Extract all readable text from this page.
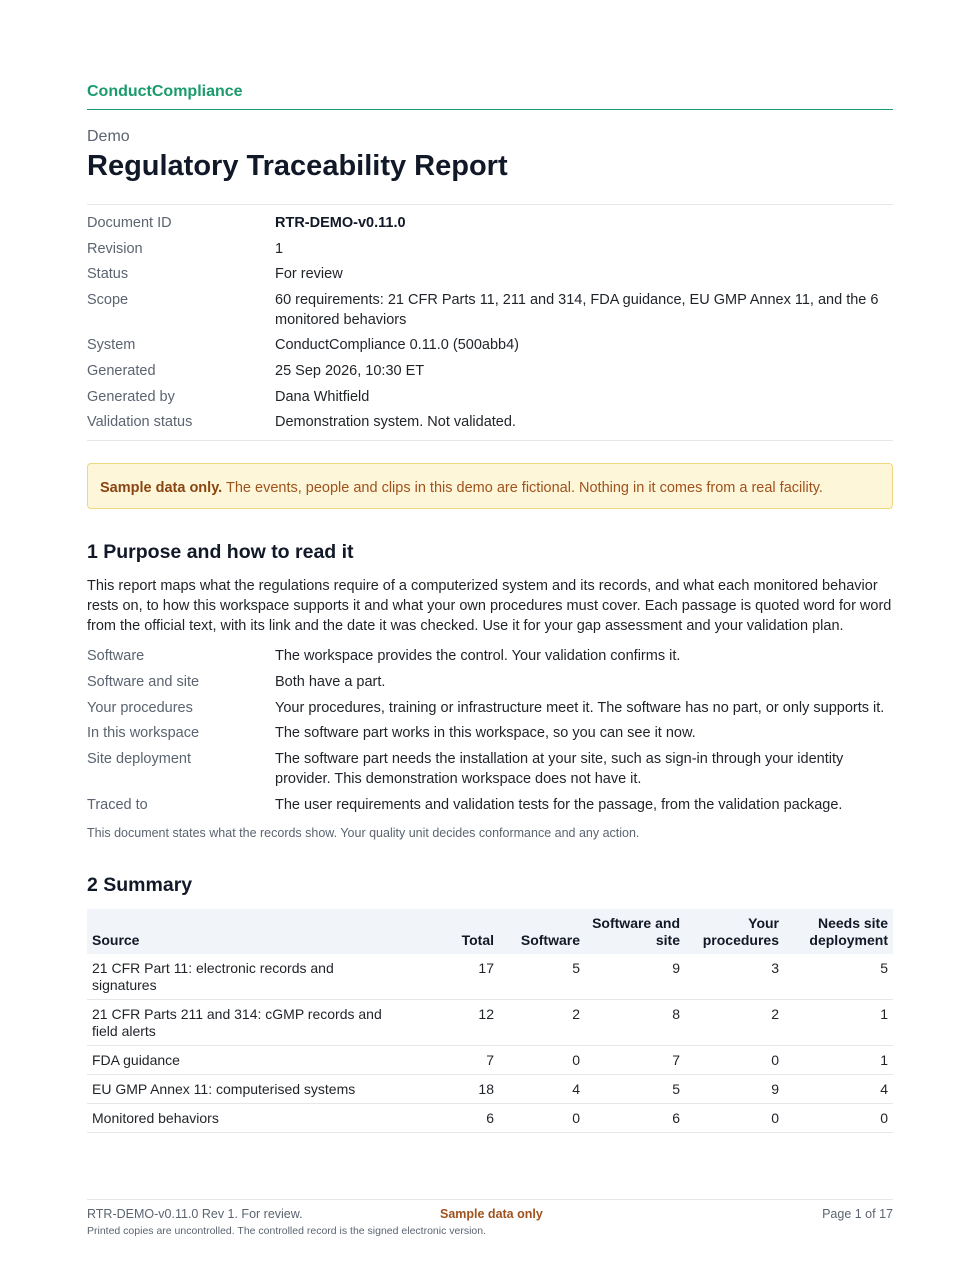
ConductCompliance
Demo
Regulatory Traceability Report
Document ID	RTR-DEMO-v0.11.0
Revision	1
Status	For review
Scope	60 requirements: 21 CFR Parts 11, 211 and 314, FDA guidance, EU GMP Annex 11, and the 6 monitored behaviors
System	ConductCompliance 0.11.0 (500abb4)
Generated	25 Sep 2026, 10:30 ET
Generated by	Dana Whitfield
Validation status	Demonstration system. Not validated.
Sample data only. The events, people and clips in this demo are fictional. Nothing in it comes from a real facility.
1 Purpose and how to read it

This report maps what the regulations require of a computerized system and its records, and what each monitored behavior rests on, to how this workspace supports it and what your own procedures must cover. Each passage is quoted word for word from the official text, with its link and the date it was checked. Use it for your gap assessment and your validation plan.

Software	The workspace provides the control. Your validation confirms it.
Software and site	Both have a part.
Your procedures	Your procedures, training or infrastructure meet it. The software has no part, or only supports it.
In this workspace	The software part works in this workspace, so you can see it now.
Site deployment	The software part needs the installation at your site, such as sign-in through your identity provider. This demonstration workspace does not have it.
Traced to	The user requirements and validation tests for the passage, from the validation package.
This document states what the records show. Your quality unit decides conformance and any action.
2 Summary
Source	Total	Software	Software and site	Your procedures	Needs site deployment
21 CFR Part 11: electronic records and signatures	17	5	9	3	5
21 CFR Parts 211 and 314: cGMP records and field alerts	12	2	8	2	1
FDA guidance	7	0	7	0	1
EU GMP Annex 11: computerised systems	18	4	5	9	4
Monitored behaviors	6	0	6	0	0
RTR-DEMO-v0.11.0 Rev 1. For review.	Sample data only	Page 1 of 17
Printed copies are uncontrolled. The controlled record is the signed electronic version.
